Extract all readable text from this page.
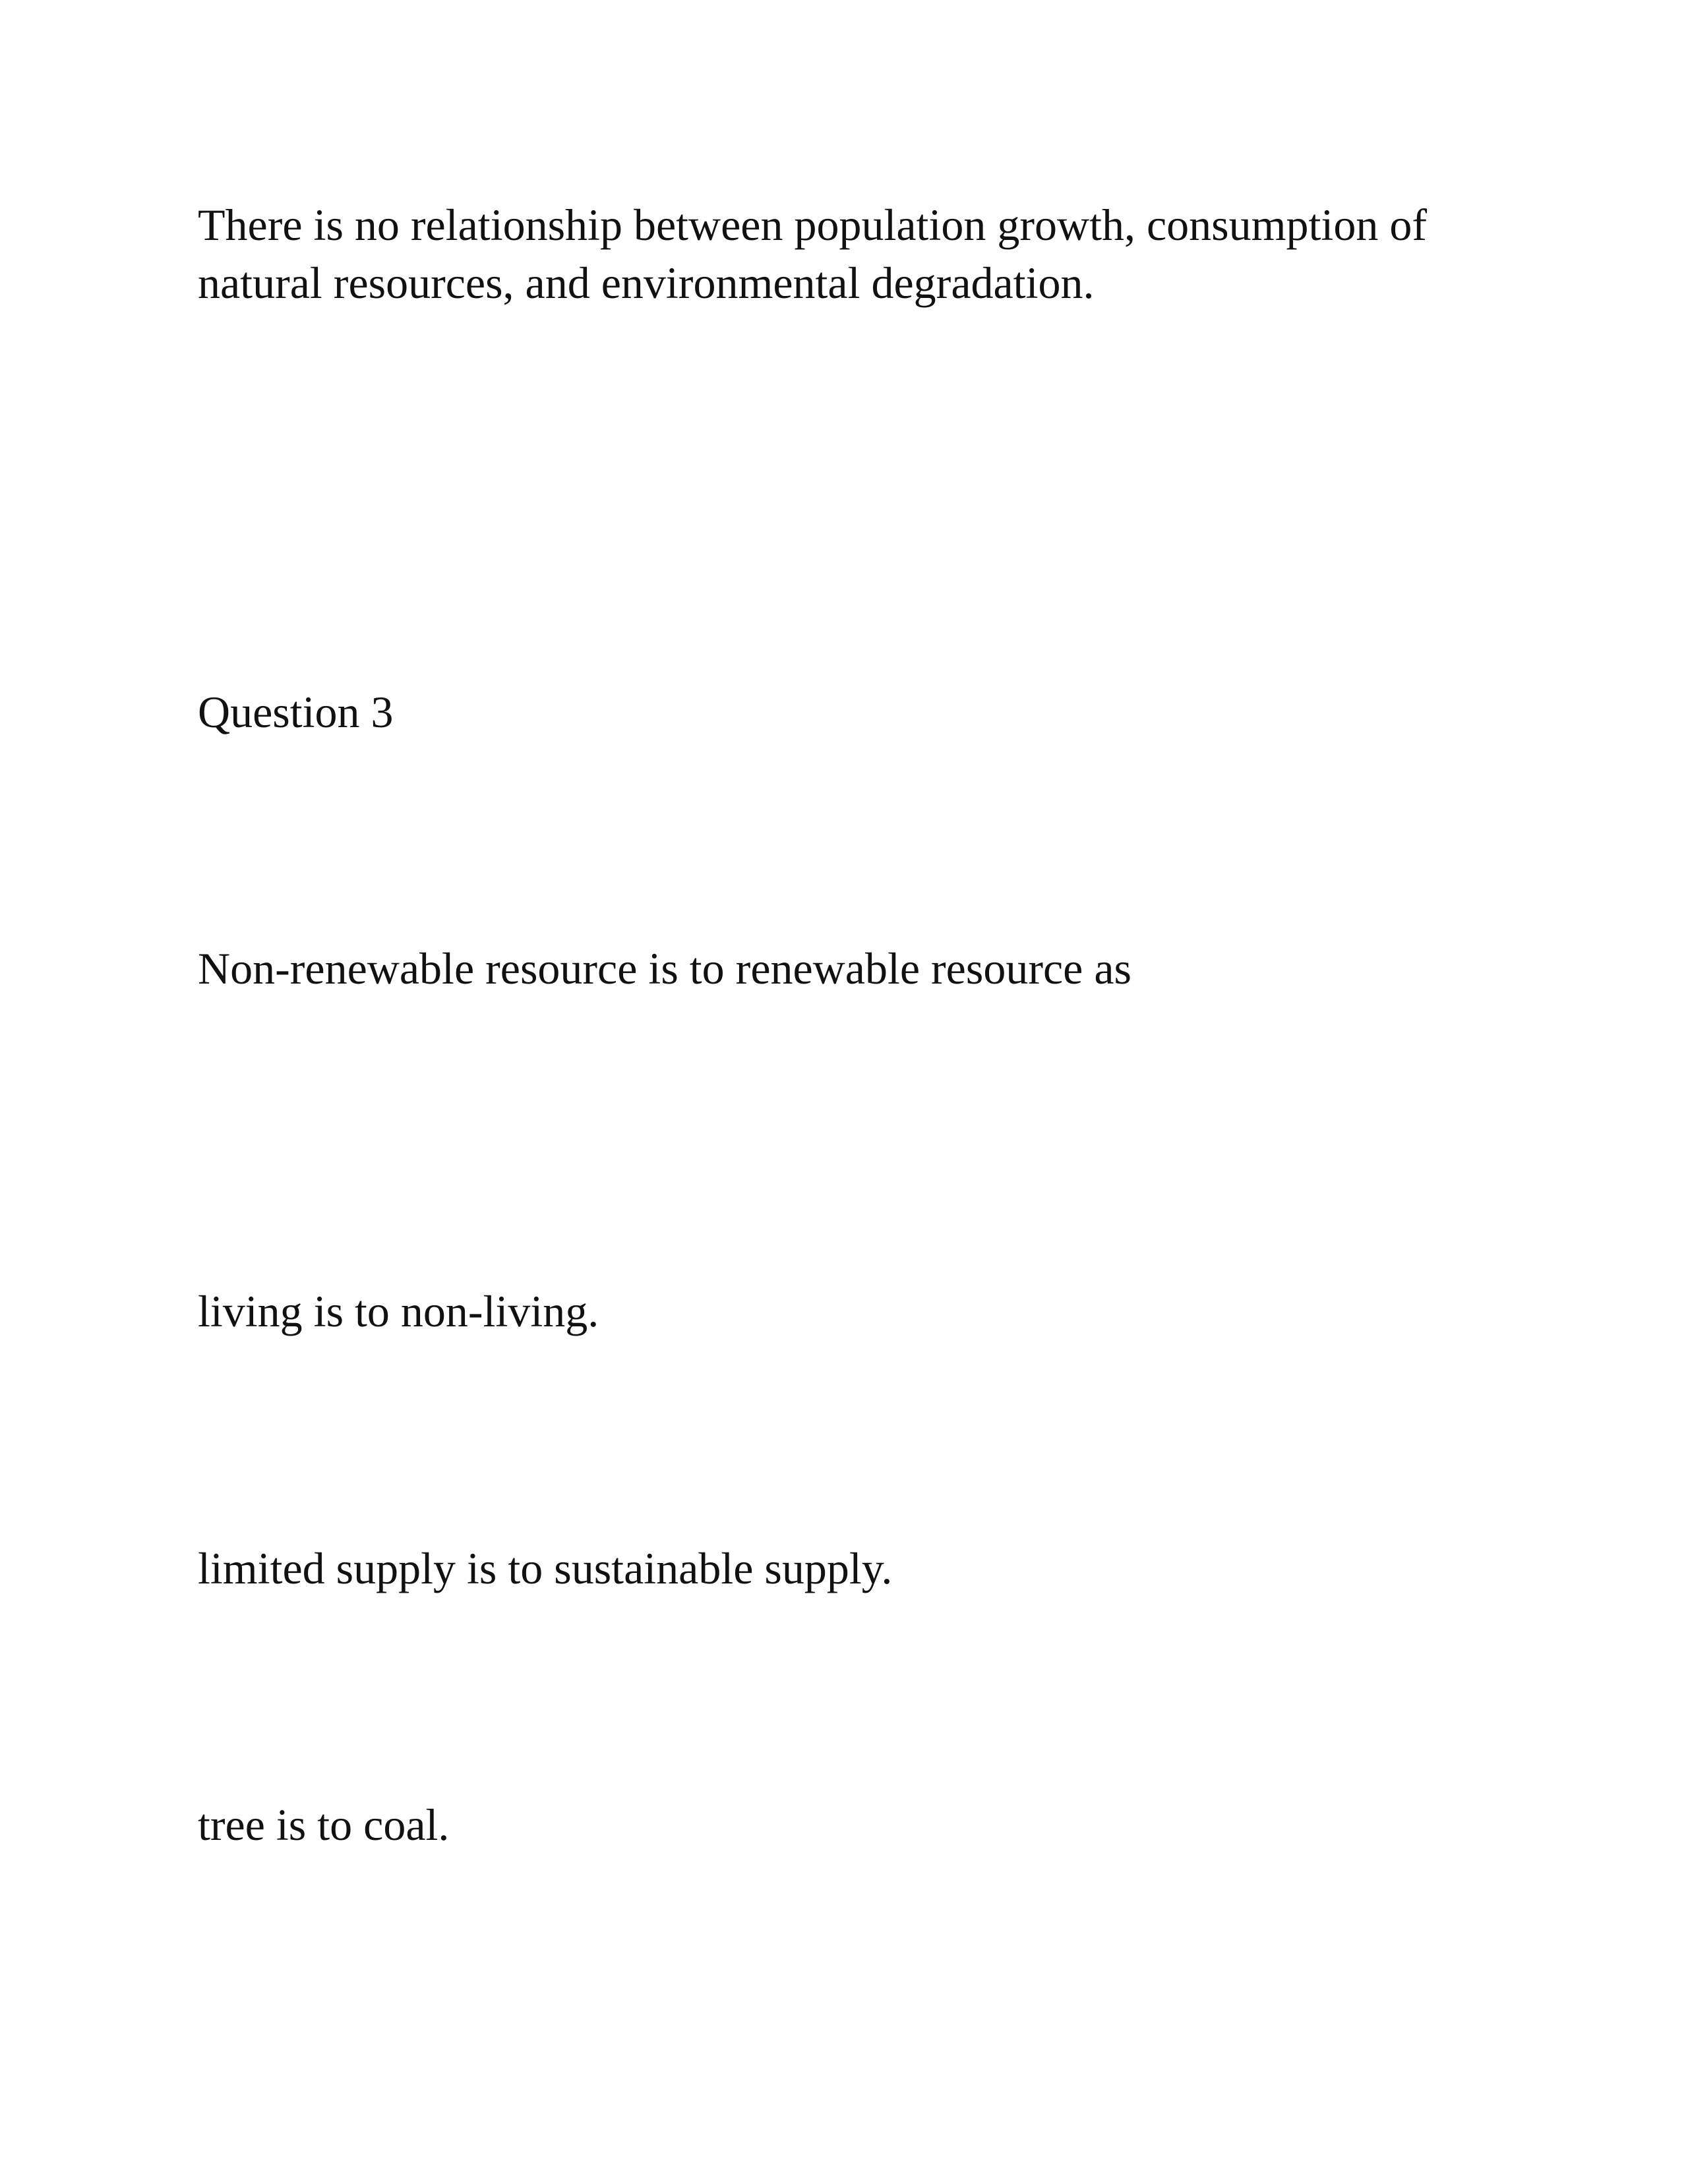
There is no relationship between population growth, consumption of natural resources, and environmental degradation.

Question 3

Non-renewable resource is to renewable resource as

living is to non-living.

limited supply is to sustainable supply.

tree is to coal.
